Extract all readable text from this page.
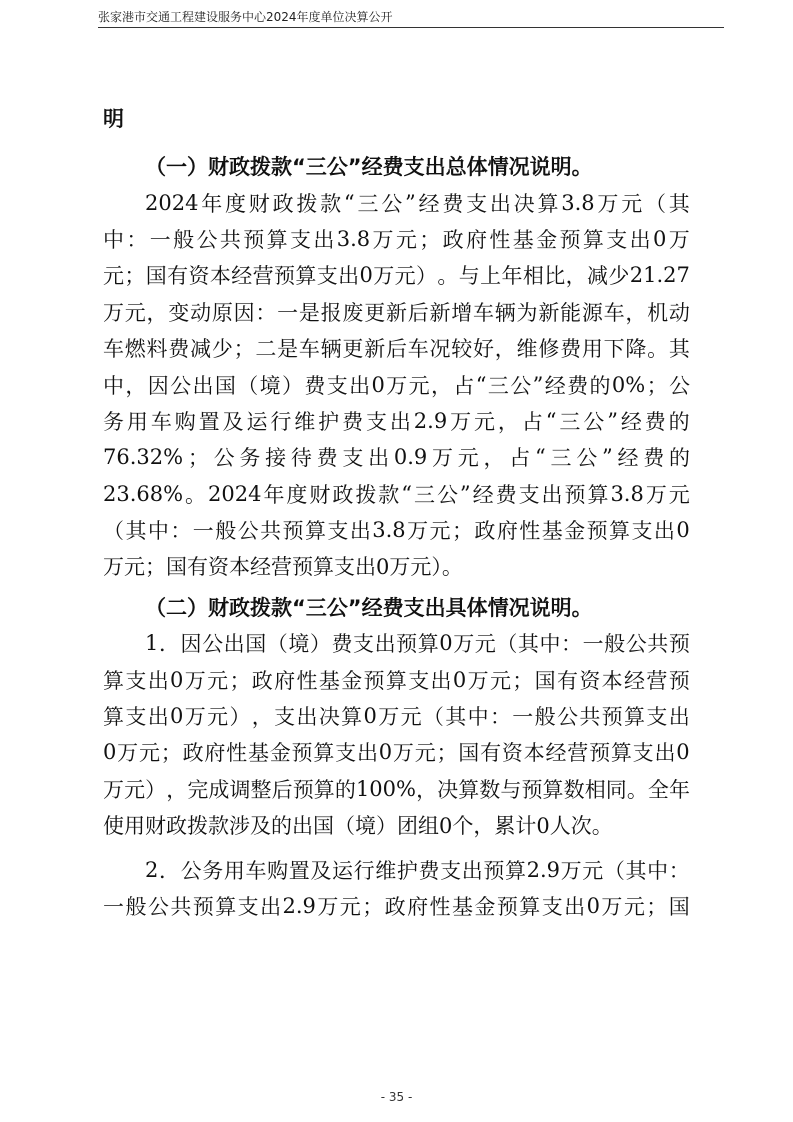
张家港市交通工程建设服务中心2024年度单位决算公开
明
（一）财政拨款“三公”经费支出总体情况说明。
2024 年 度 财 政 拨 款 “ 三 公 ” 经 费 支 出 决 算 3.8 万 元 （ 其
中 ： 一 般 公 共 预 算 支 出 3.8 万 元 ； 政 府 性 基 金 预 算 支 出 0 万
元 ； 国 有 资 本 经 营 预 算 支 出 0 万 元 ） 。 与 上 年 相 比 ， 减 少 21.27
万 元 ， 变 动 原 因 ： 一 是 报 废 更 新 后 新 增 车 辆 为 新 能 源 车 ， 机 动
车 燃 料 费 减 少 ； 二 是 车 辆 更 新 后 车 况 较 好 ， 维 修 费 用 下 降 。 其
中 ， 因 公 出 国 （ 境 ） 费 支 出 0 万 元 ， 占 “ 三 公 ” 经 费 的 0% ； 公
务 用 车 购 置 及 运 行 维 护 费 支 出 2.9 万 元 ， 占 “ 三 公 ” 经 费 的
76.32% ； 公 务 接 待 费 支 出 0.9 万 元 ， 占 “ 三 公 ” 经 费 的
23.68% 。 2024 年 度 财 政 拨 款 “ 三 公 ” 经 费 支 出 预 算 3.8 万 元
（ 其 中 ： 一 般 公 共 预 算 支 出 3.8 万 元 ； 政 府 性 基 金 预 算 支 出 0
万元；国有资本经营预算支出0万元）。
（二）财政拨款“三公”经费支出具体情况说明。
1 ． 因 公 出 国 （ 境 ） 费 支 出 预 算 0 万 元 （ 其 中 ： 一 般 公 共 预
算 支 出 0 万 元 ； 政 府 性 基 金 预 算 支 出 0 万 元 ； 国 有 资 本 经 营 预
算 支 出 0 万 元 ） ， 支 出 决 算 0 万 元 （ 其 中 ： 一 般 公 共 预 算 支 出
0 万 元 ； 政 府 性 基 金 预 算 支 出 0 万 元 ； 国 有 资 本 经 营 预 算 支 出 0
万 元 ） ， 完 成 调 整 后 预 算 的 100% ， 决 算 数 与 预 算 数 相 同 。 全 年
使用财政拨款涉及的出国（境）团组0个，累计0人次。
2 ． 公 务 用 车 购 置 及 运 行 维 护 费 支 出 预 算 2.9 万 元 （ 其 中 ：
一 般 公 共 预 算 支 出 2.9 万 元 ； 政 府 性 基 金 预 算 支 出 0 万 元 ； 国
- 35 -
